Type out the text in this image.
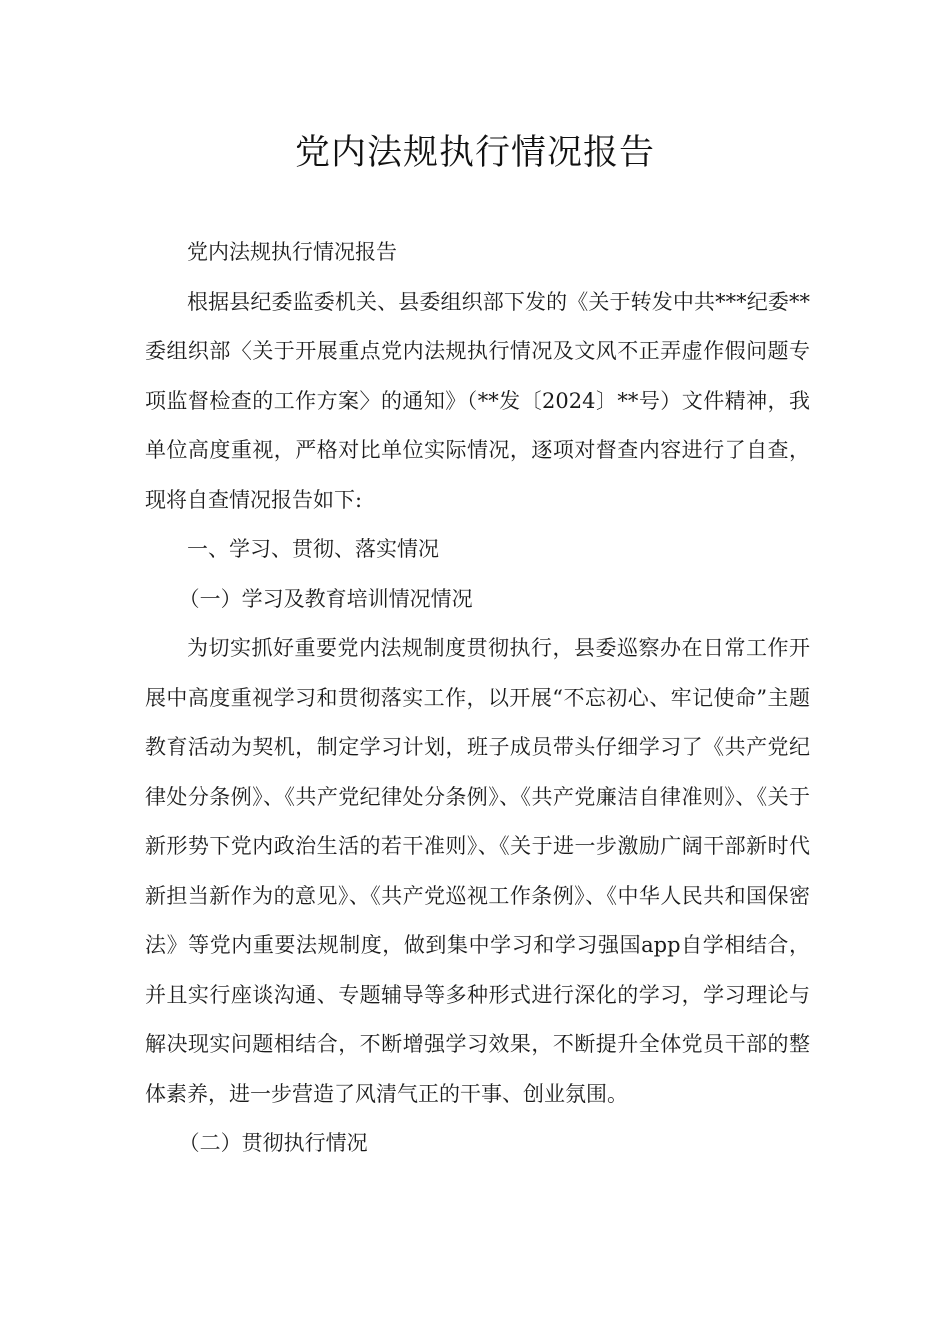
党内法规执行情况报告

党内法规执行情况报告

根据县纪委监委机关、县委组织部下发的《关于转发中共***纪委**委组织部〈关于开展重点党内法规执行情况及文风不正弄虚作假问题专项监督检查的工作方案〉的通知》（**发〔2024〕**号）文件精神，我单位高度重视，严格对比单位实际情况，逐项对督查内容进行了自查，现将自查情况报告如下:

一、学习、贯彻、落实情况

（一）学习及教育培训情况情况

为切实抓好重要党内法规制度贯彻执行，县委巡察办在日常工作开展中高度重视学习和贯彻落实工作，以开展“不忘初心、牢记使命”主题教育活动为契机，制定学习计划，班子成员带头仔细学习了《共产党纪律处分条例》、《共产党纪律处分条例》、《共产党廉洁自律准则》、《关于新形势下党内政治生活的若干准则》、《关于进一步激励广阔干部新时代新担当新作为的意见》、《共产党巡视工作条例》、《中华人民共和国保密法》等党内重要法规制度，做到集中学习和学习强国app自学相结合，并且实行座谈沟通、专题辅导等多种形式进行深化的学习，学习理论与解决现实问题相结合，不断增强学习效果，不断提升全体党员干部的整体素养，进一步营造了风清气正的干事、创业氛围。

（二）贯彻执行情况
